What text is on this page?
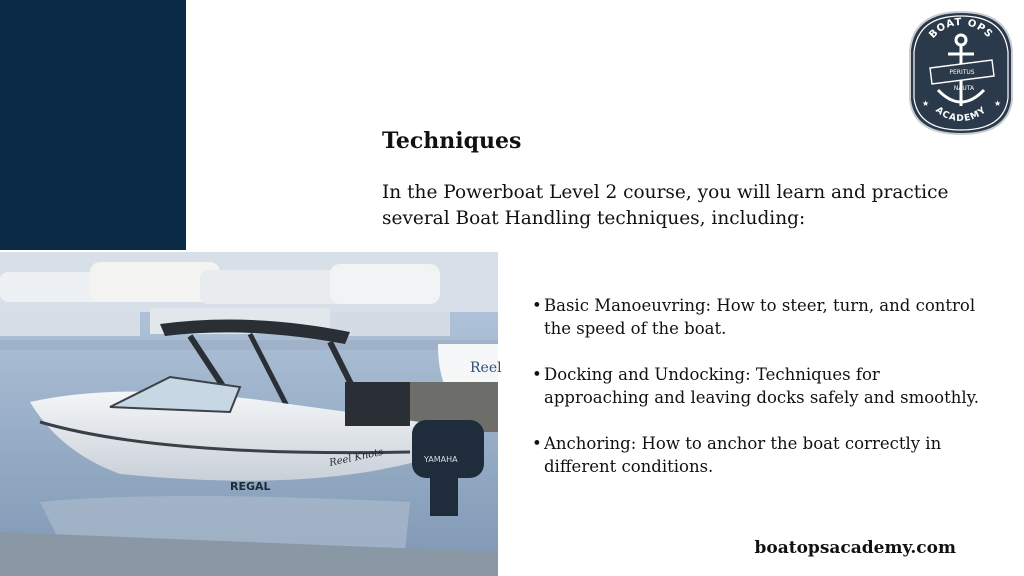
Reel
REGAL
Reel Knots	YAMAHA
Techniques

In the Powerboat Level 2 course, you will learn and practice several Boat Handling techniques, including:

• Basic Manoeuvring: How to steer, turn, and control the speed of the boat.
• Docking and Undocking: Techniques for approaching and leaving docks safely and smoothly.
• Anchoring: How to anchor the boat correctly in different conditions.
boatopsacademy.com
BOAT OPS
ACADEMY
PERITUS
NAUTA
★	★
